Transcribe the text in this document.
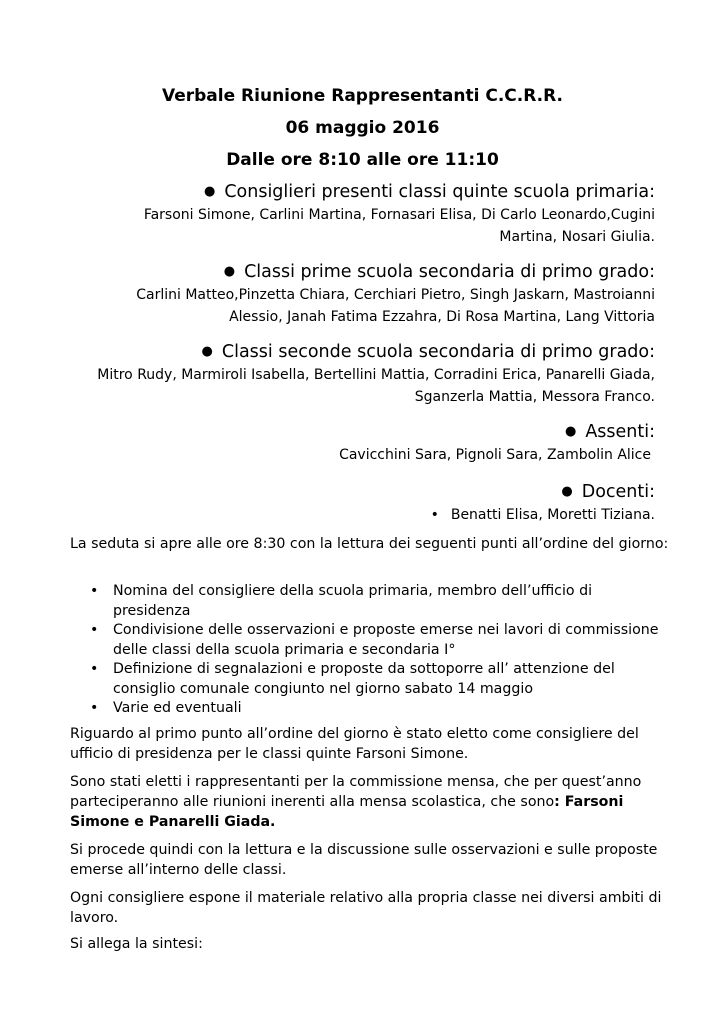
Verbale Riunione Rappresentanti C.C.R.R.
06 maggio 2016
Dalle ore 8:10 alle ore 11:10
● Consiglieri presenti classi quinte scuola primaria:
Farsoni Simone, Carlini Martina, Fornasari Elisa, Di Carlo Leonardo,Cugini Martina, Nosari Giulia.
● Classi prime scuola secondaria di primo grado:
Carlini Matteo,Pinzetta Chiara, Cerchiari Pietro, Singh Jaskarn, Mastroianni Alessio, Janah Fatima Ezzahra, Di Rosa Martina, Lang Vittoria
● Classi seconde scuola secondaria di primo grado:
Mitro Rudy, Marmiroli Isabella, Bertellini Mattia, Corradini Erica, Panarelli Giada, Sganzerla Mattia, Messora Franco.
● Assenti:
Cavicchini Sara, Pignoli Sara, Zambolin Alice
● Docenti:
• Benatti Elisa, Moretti Tiziana.
La seduta si apre alle ore 8:30 con la lettura dei seguenti punti all’ordine del giorno:
• Nomina del consigliere della scuola primaria, membro dell’ufficio di presidenza
• Condivisione delle osservazioni e proposte emerse nei lavori di commissione delle classi della scuola primaria e secondaria I°
• Definizione di segnalazioni e proposte da sottoporre all’ attenzione del consiglio comunale congiunto nel giorno sabato 14 maggio
• Varie ed eventuali
Riguardo al primo punto all’ordine del giorno è stato eletto come consigliere del ufficio di presidenza per le classi quinte Farsoni Simone.
Sono stati eletti i rappresentanti per la commissione mensa, che per quest’anno parteciperanno alle riunioni inerenti alla mensa scolastica, che sono: Farsoni Simone e Panarelli Giada.
Si procede quindi con la lettura e la discussione sulle osservazioni e sulle proposte emerse all’interno delle classi.
Ogni consigliere espone il materiale relativo alla propria classe nei diversi ambiti di lavoro.
Si allega la sintesi:
